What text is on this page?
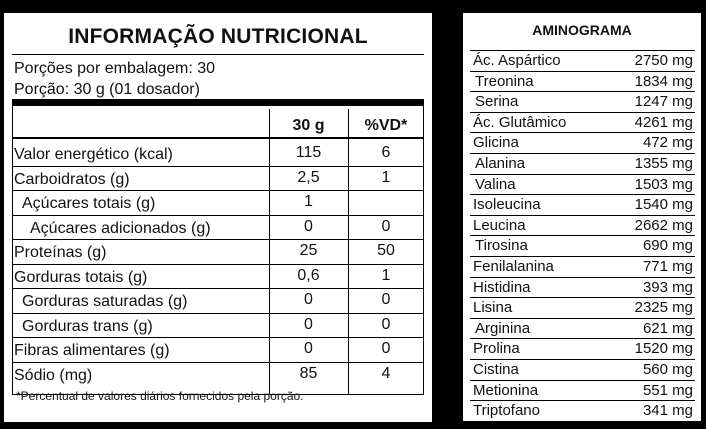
INFORMAÇÃO NUTRICIONAL
Porções por embalagem: 30
Porção: 30 g (01 dosador)
30 g	%VD*
Valor energético (kcal)	115	6
Carboidratos (g)	2,5	1
Açúcares totais (g)	1
Açúcares adicionados (g)	0	0
Proteínas (g)	25	50
Gorduras totais (g)	0,6	1
Gorduras saturadas (g)	0	0
Gorduras trans (g)	0	0
Fibras alimentares (g)	0	0
Sódio (mg)	85	4
*Percentual de valores diários fornecidos pela porção.
AMINOGRAMA
Ác. Aspártico	2750 mg
Treonina	1834 mg
Serina	1247 mg
Ác. Glutâmico	4261 mg
Glicina	472 mg
Alanina	1355 mg
Valina	1503 mg
Isoleucina	1540 mg
Leucina	2662 mg
Tirosina	690 mg
Fenilalanina	771 mg
Histidina	393 mg
Lisina	2325 mg
Arginina	621 mg
Prolina	1520 mg
Cistina	560 mg
Metionina	551 mg
Triptofano	341 mg
